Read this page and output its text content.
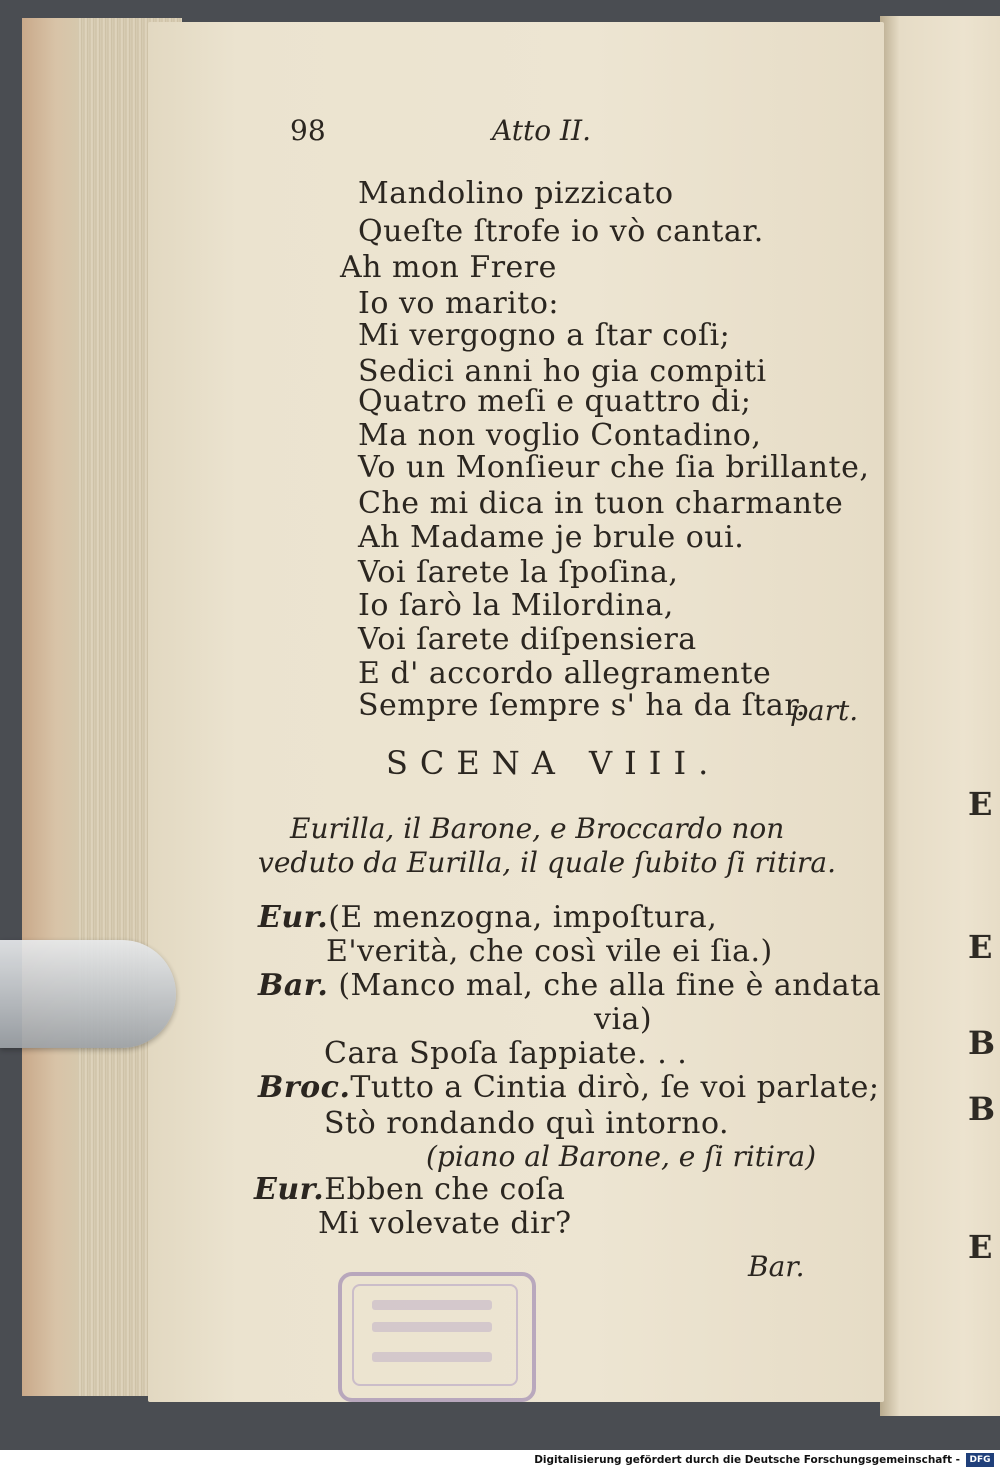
E
E
B
B
E
98	Atto II.
Mandolino pizzicato
Queſte ſtrofe io vò cantar.
Ah mon Frere
Io vo marito:
Mi vergogno a ſtar coſi;
Sedici anni ho gia compiti
Quatro meſi e quattro di;
Ma non voglio Contadino,
Vo un Monſieur che ſia brillante,
Che mi dica in tuon charmante
Ah Madame je brule oui.
Voi ſarete la ſpoſina,
Io ſarò la Milordina,
Voi ſarete diſpensiera
E d' accordo allegramente
Sempre ſempre s' ha da ſtar.
part.
SCENA VIII.
Eurilla, il Barone, e Broccardo non
veduto da Eurilla, il quale ſubito ſi ritira.
Eur.(E menzogna, impoſtura,
E'verità, che così vile ei ſia.)
Bar. (Manco mal, che alla fine è andata
via)
Cara Spoſa ſappiate. . .
Broc.Tutto a Cintia dirò, ſe voi parlate;
Stò rondando quì intorno.
(piano al Barone, e ſi ritira)
Eur.Ebben che coſa
Mi volevate dir?
Bar.
Digitalisierung gefördert durch die Deutsche Forschungsgemeinschaft -	DFG
